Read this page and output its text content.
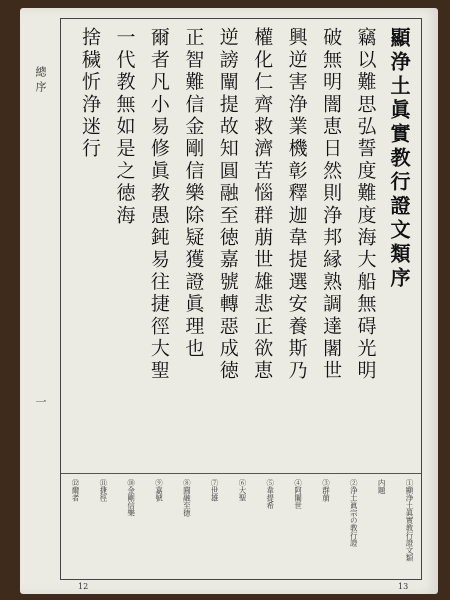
總序
一
顯浄土眞實教行證文類序
竊以難思弘誓度難度海大船無碍光明
破無明闇恵日然則浄邦縁熟調達闍世
興逆害浄業機彰釋迦韋提選安養斯乃
權化仁齊救濟苦惱群萠世雄悲正欲恵
逆謗闡提故知圓融至徳嘉號轉惡成徳
正智難信金剛信樂除疑獲證眞理也
爾者凡小易修眞教愚鈍易往捷徑大聖
一代教無如是之徳海
捨穢忻浄迷行
①顯浄土眞實教行證文類
内題
②浄土眞宗の教行證
③群萠
④阿闍世
⑤韋提希
⑥大聖
⑦世雄
⑧圓融至徳
⑨嘉號
⑩金剛信樂
⑪捷徑
⑫爾者
12	13
